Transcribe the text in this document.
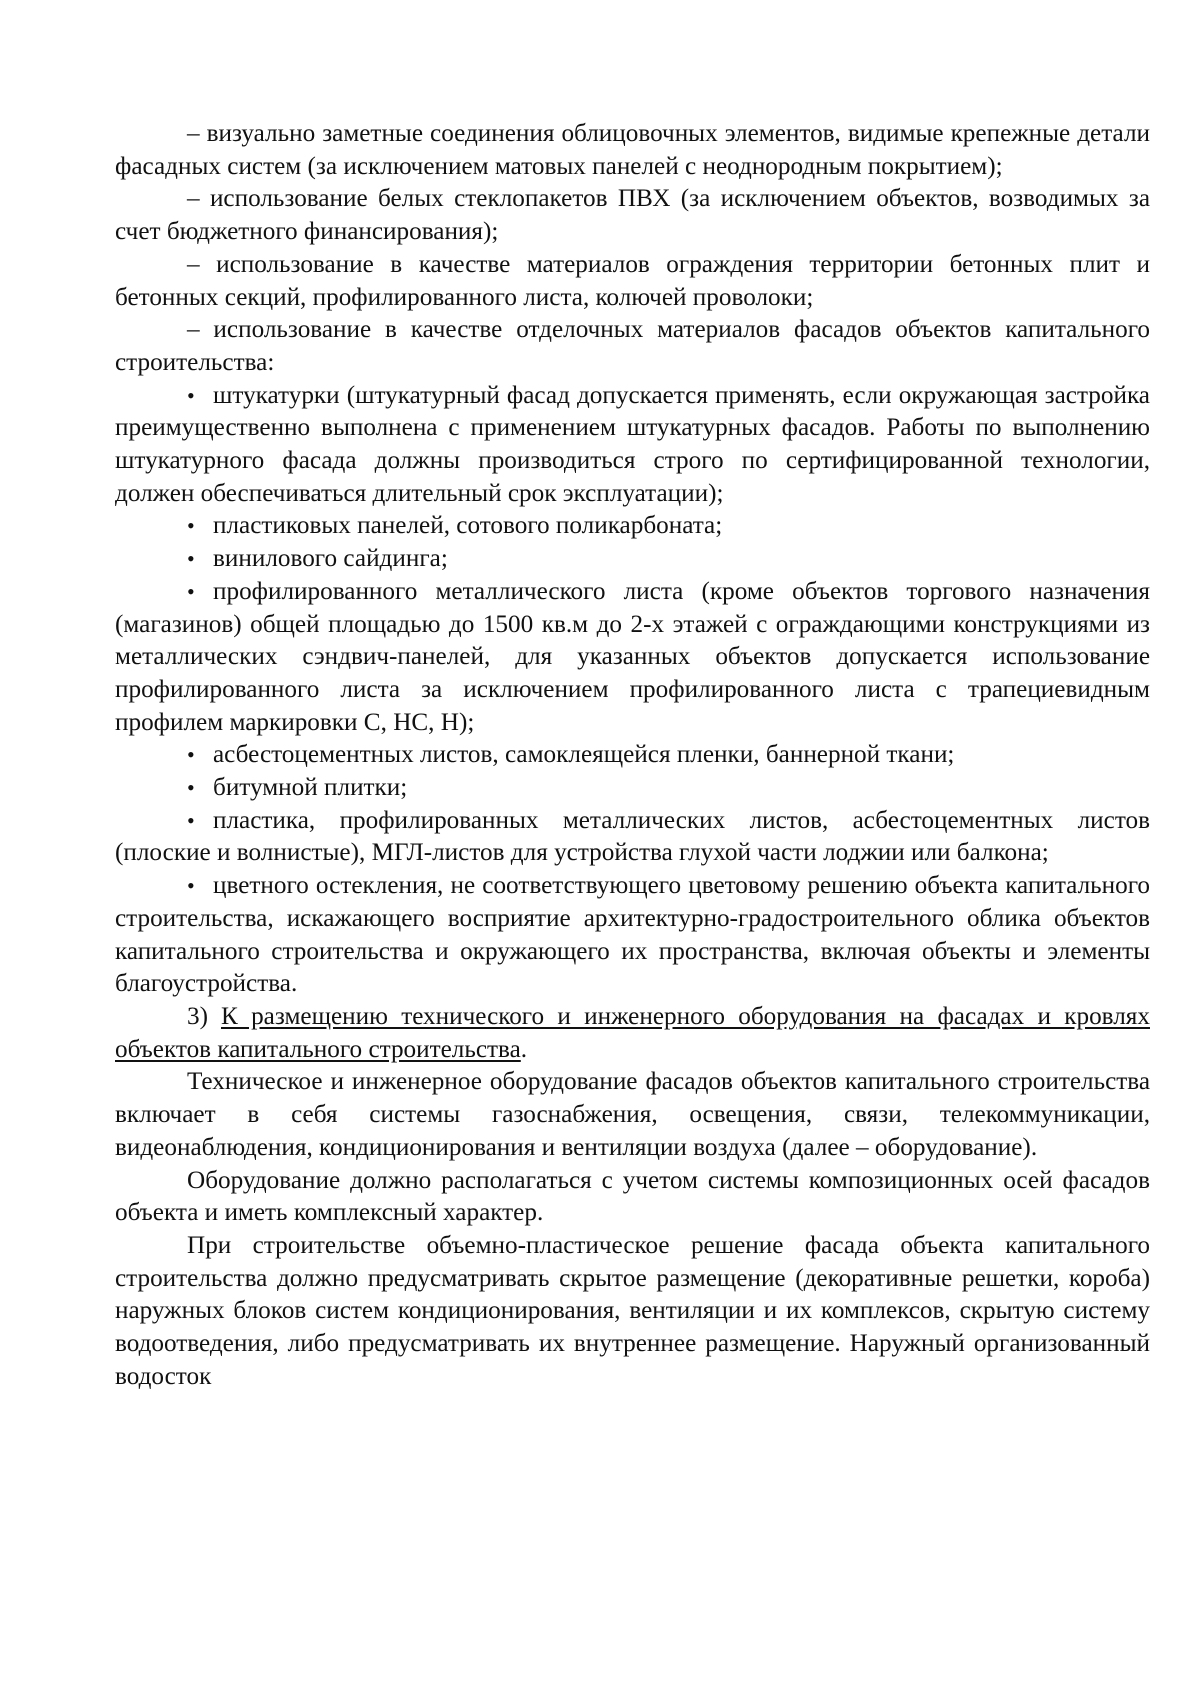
– визуально заметные соединения облицовочных элементов, видимые крепежные детали фасадных систем (за исключением матовых панелей с неоднородным покрытием);

– использование белых стеклопакетов ПВХ (за исключением объектов, возводимых за счет бюджетного финансирования);

– использование в качестве материалов ограждения территории бетонных плит и бетонных секций, профилированного листа, колючей проволоки;

– использование в качестве отделочных материалов фасадов объектов капитального строительства:

•штукатурки (штукатурный фасад допускается применять, если окружающая застройка преимущественно выполнена с применением штукатурных фасадов. Работы по выполнению штукатурного фасада должны производиться строго по сертифицированной технологии, должен обеспечиваться длительный срок эксплуатации);

•пластиковых панелей, сотового поликарбоната;

•винилового сайдинга;

•профилированного металлического листа (кроме объектов торгового назначения (магазинов) общей площадью до 1500 кв.м до 2-х этажей с ограждающими конструкциями из металлических сэндвич-панелей, для указанных объектов допускается использование профилированного листа за исключением профилированного листа с трапециевидным профилем маркировки С, НС, Н);

•асбестоцементных листов, самоклеящейся пленки, баннерной ткани;

•битумной плитки;

•пластика, профилированных металлических листов, асбестоцементных листов (плоские и волнистые), МГЛ-листов для устройства глухой части лоджии или балкона;

•цветного остекления, не соответствующего цветовому решению объекта капитального строительства, искажающего восприятие архитектурно-градостроительного облика объектов капитального строительства и окружающего их пространства, включая объекты и элементы благоустройства.

3) К размещению технического и инженерного оборудования на фасадах и кровлях объектов капитального строительства.

Техническое и инженерное оборудование фасадов объектов капитального строительства включает в себя системы газоснабжения, освещения, связи, телекоммуникации, видеонаблюдения, кондиционирования и вентиляции воздуха (далее – оборудование).

Оборудование должно располагаться с учетом системы композиционных осей фасадов объекта и иметь комплексный характер.

При строительстве объемно-пластическое решение фасада объекта капитального строительства должно предусматривать скрытое размещение (декоративные решетки, короба) наружных блоков систем кондиционирования, вентиляции и их комплексов, скрытую систему водоотведения, либо предусматривать их внутреннее размещение. Наружный организованный водосток
